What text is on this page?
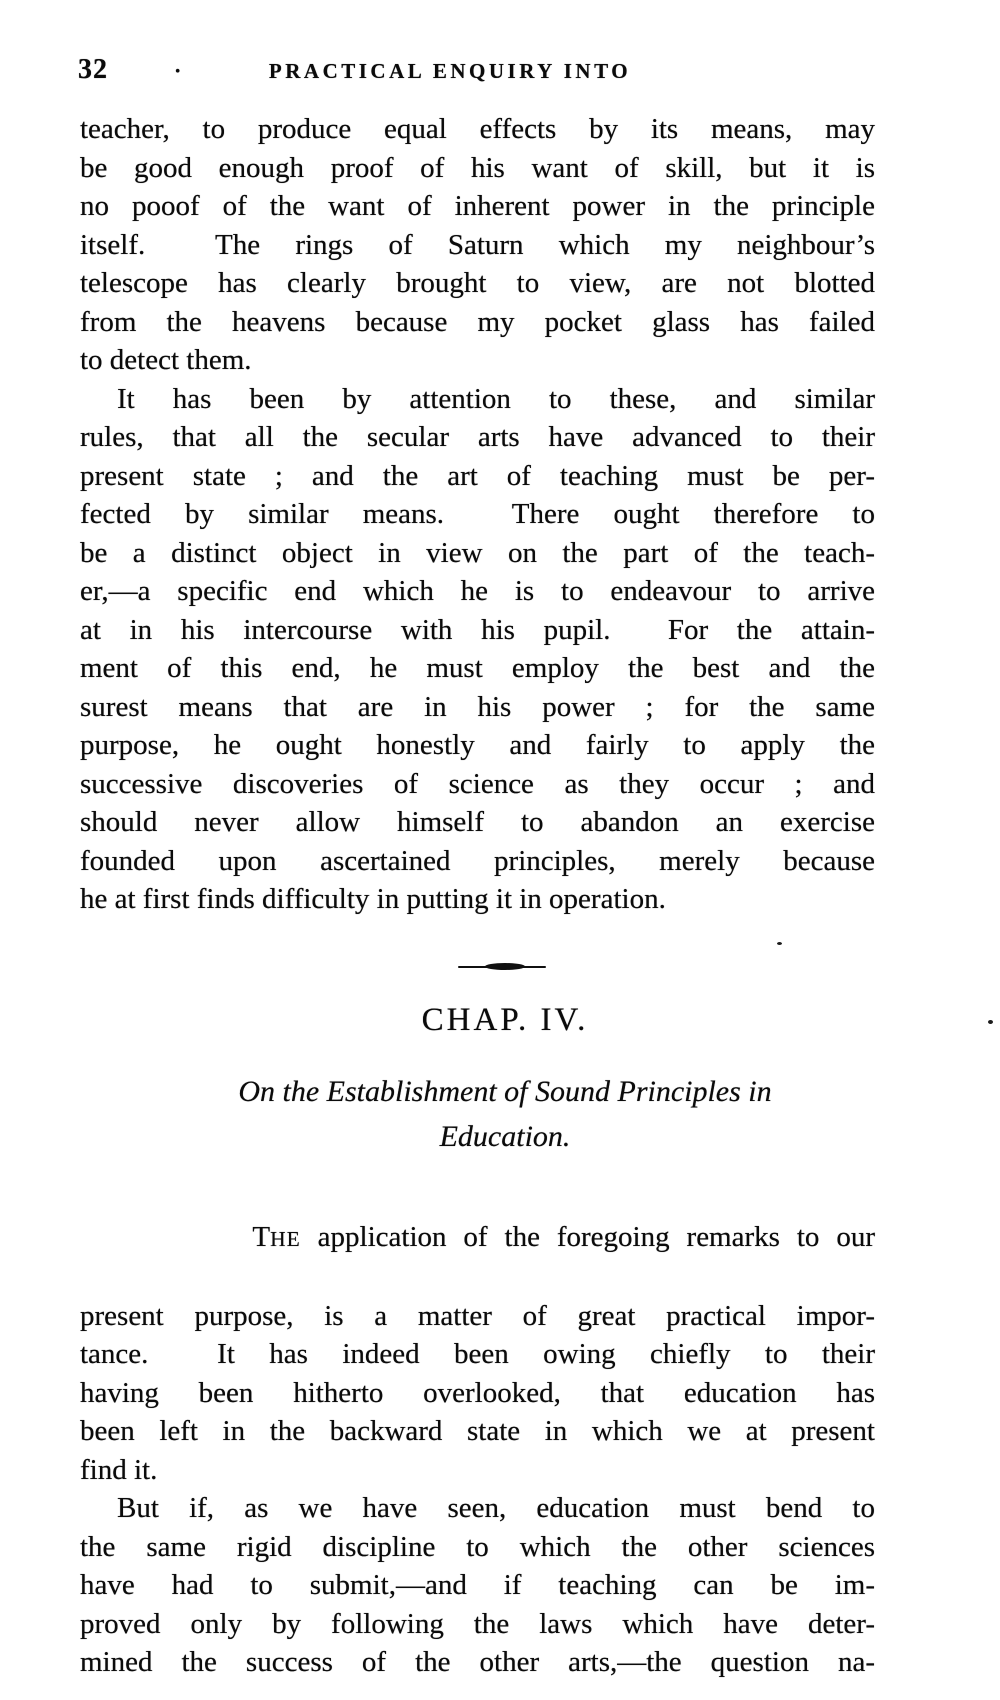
32	·	PRACTICAL ENQUIRY INTO
teacher, to produce equal effects by its means, may
be good enough proof of his want of skill, but it is
no pooof of the want of inherent power in the principle
itself.  The rings of Saturn which my neighbour’s
telescope has clearly brought to view, are not blotted
from the heavens because my pocket glass has failed
to detect them.
It has been by attention to these, and similar
rules, that all the secular arts have advanced to their
present state ; and the art of teaching must be per-
fected by similar means.  There ought therefore to
be a distinct object in view on the part of the teach-
er,—a specific end which he is to endeavour to arrive
at in his intercourse with his pupil.  For the attain-
ment of this end, he must employ the best and the
surest means that are in his power ; for the same
purpose, he ought honestly and fairly to apply the
successive discoveries of science as they occur ; and
should never allow himself to abandon an exercise
founded upon ascertained principles, merely because
he at first finds difficulty in putting it in operation.
CHAP. IV.
On the Establishment of Sound Principles in
Education.

THE application of the foregoing remarks to our

present purpose, is a matter of great practical impor-
tance.  It has indeed been owing chiefly to their
having been hitherto overlooked, that education has
been left in the backward state in which we at present
find it.
But if, as we have seen, education must bend to
the same rigid discipline to which the other sciences
have had to submit,—and if teaching can be im-
proved only by following the laws which have deter-
mined the success of the other arts,—the question na-
